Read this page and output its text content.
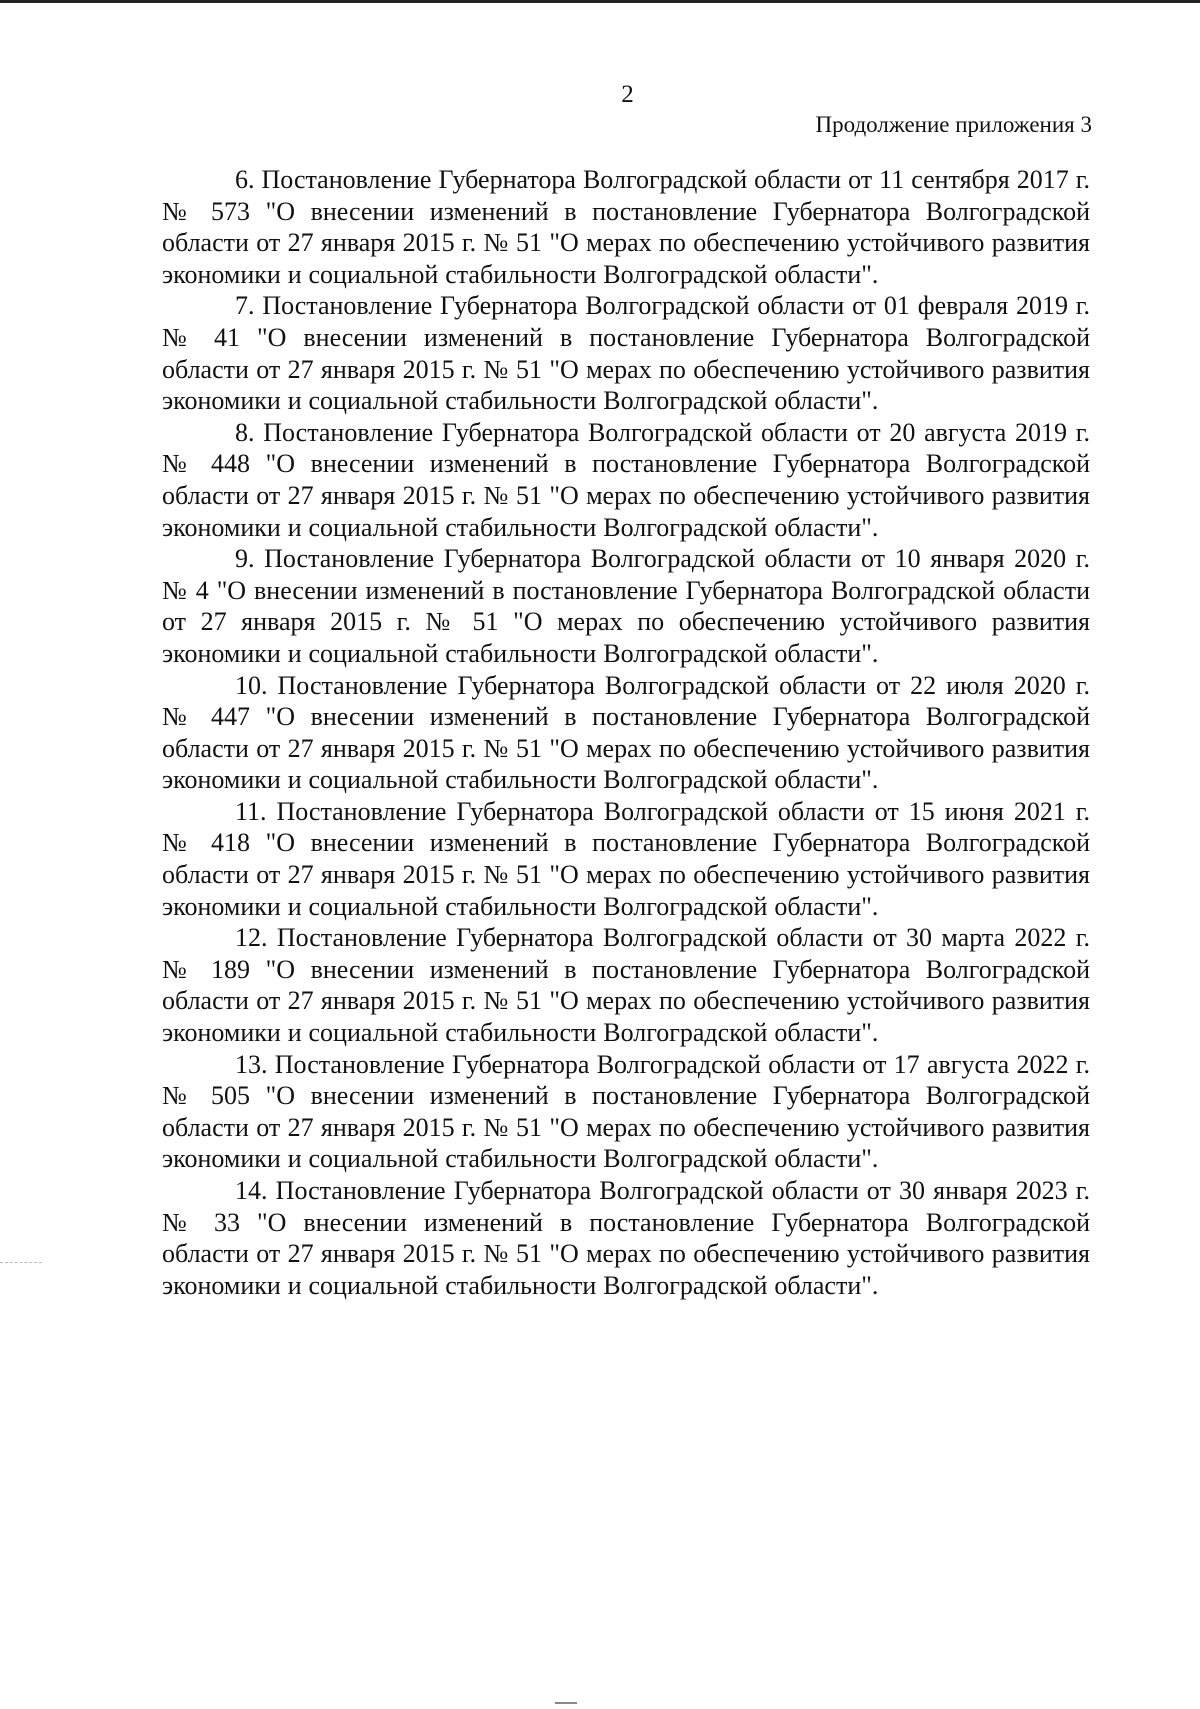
2
Продолжение приложения 3

6. Постановление Губернатора Волгоградской области от 11 сентября 2017 г. № 573 "О внесении изменений в постановление Губернатора Волгоградской области от 27 января 2015 г. № 51 "О мерах по обеспечению устойчивого развития экономики и социальной стабильности Волгоградской области".

7. Постановление Губернатора Волгоградской области от 01 февраля 2019 г. № 41 "О внесении изменений в постановление Губернатора Волгоградской области от 27 января 2015 г. № 51 "О мерах по обеспечению устойчивого развития экономики и социальной стабильности Волгоградской области".

8. Постановление Губернатора Волгоградской области от 20 августа 2019 г. № 448 "О внесении изменений в постановление Губернатора Волгоградской области от 27 января 2015 г. № 51 "О мерах по обеспечению устойчивого развития экономики и социальной стабильности Волгоградской области".

9. Постановление Губернатора Волгоградской области от 10 января 2020 г. № 4 "О внесении изменений в постановление Губернатора Волгоградской области от 27 января 2015 г. № 51 "О мерах по обеспечению устойчивого развития экономики и социальной стабильности Волгоградской области".

10. Постановление Губернатора Волгоградской области от 22 июля 2020 г. № 447 "О внесении изменений в постановление Губернатора Волгоградской области от 27 января 2015 г. № 51 "О мерах по обеспечению устойчивого развития экономики и социальной стабильности Волгоградской области".

11. Постановление Губернатора Волгоградской области от 15 июня 2021 г. № 418 "О внесении изменений в постановление Губернатора Волгоградской области от 27 января 2015 г. № 51 "О мерах по обеспечению устойчивого развития экономики и социальной стабильности Волгоградской области".

12. Постановление Губернатора Волгоградской области от 30 марта 2022 г. № 189 "О внесении изменений в постановление Губернатора Волгоградской области от 27 января 2015 г. № 51 "О мерах по обеспечению устойчивого развития экономики и социальной стабильности Волгоградской области".

13. Постановление Губернатора Волгоградской области от 17 августа 2022 г. № 505 "О внесении изменений в постановление Губернатора Волгоградской области от 27 января 2015 г. № 51 "О мерах по обеспечению устойчивого развития экономики и социальной стабильности Волгоградской области".

14. Постановление Губернатора Волгоградской области от 30 января 2023 г. № 33 "О внесении изменений в постановление Губернатора Волгоградской области от 27 января 2015 г. № 51 "О мерах по обеспечению устойчивого развития экономики и социальной стабильности Волгоградской области".
